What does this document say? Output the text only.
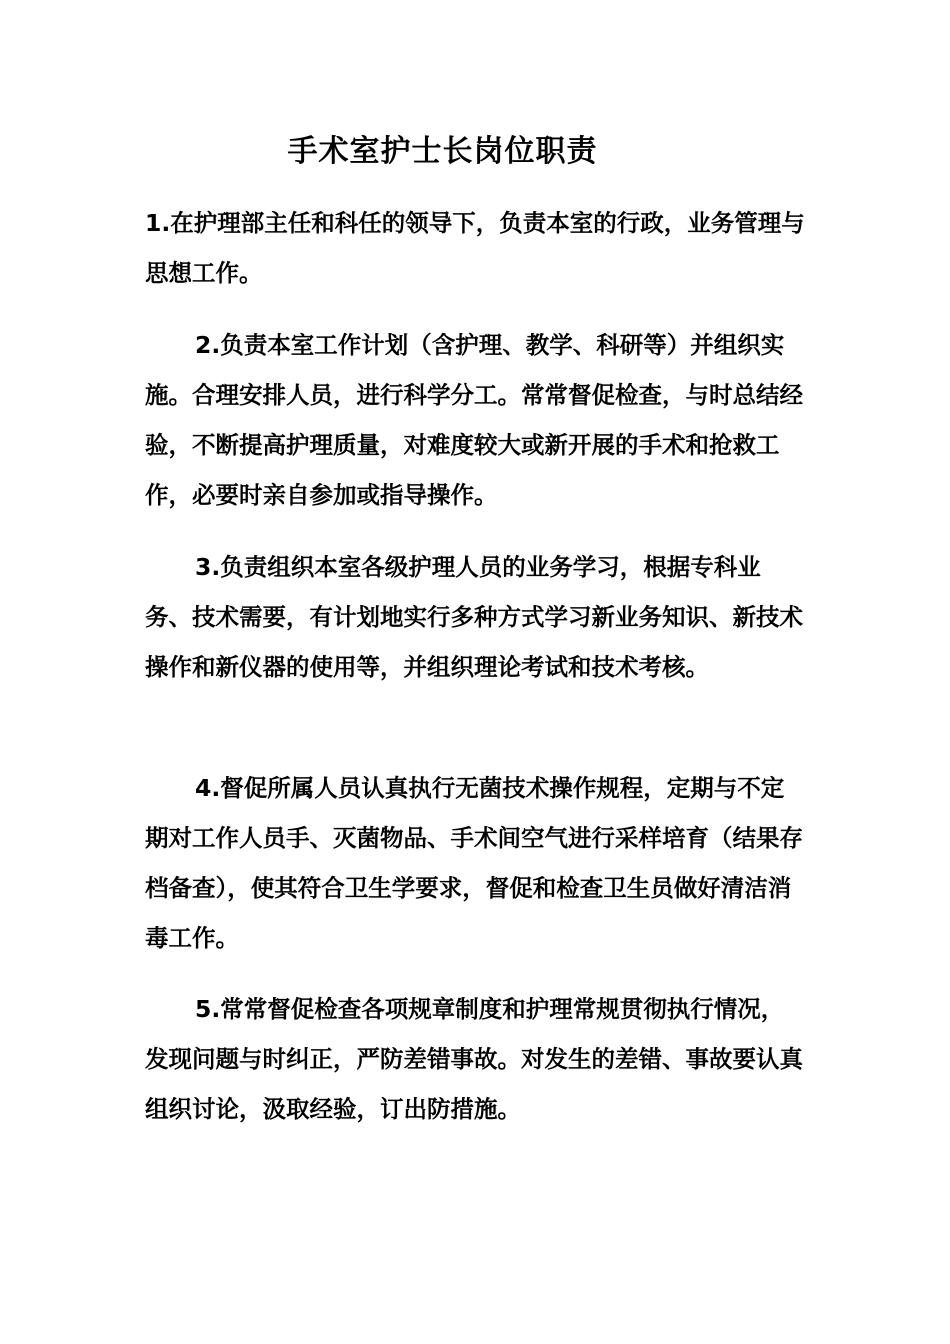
手术室护士长岗位职责

1.在护理部主任和科任的领导下，负责本室的行政，业务管理与思想工作。

2.负责本室工作计划（含护理、教学、科研等）并组织实施。合理安排人员，进行科学分工。常常督促检查，与时总结经验，不断提高护理质量，对难度较大或新开展的手术和抢救工作，必要时亲自参加或指导操作。

3.负责组织本室各级护理人员的业务学习，根据专科业务、技术需要，有计划地实行多种方式学习新业务知识、新技术操作和新仪器的使用等，并组织理论考试和技术考核。

4.督促所属人员认真执行无菌技术操作规程，定期与不定期对工作人员手、灭菌物品、手术间空气进行采样培育（结果存档备查），使其符合卫生学要求，督促和检查卫生员做好清洁消毒工作。

5.常常督促检查各项规章制度和护理常规贯彻执行情况，发现问题与时纠正，严防差错事故。对发生的差错、事故要认真组织讨论，汲取经验，订出防措施。
